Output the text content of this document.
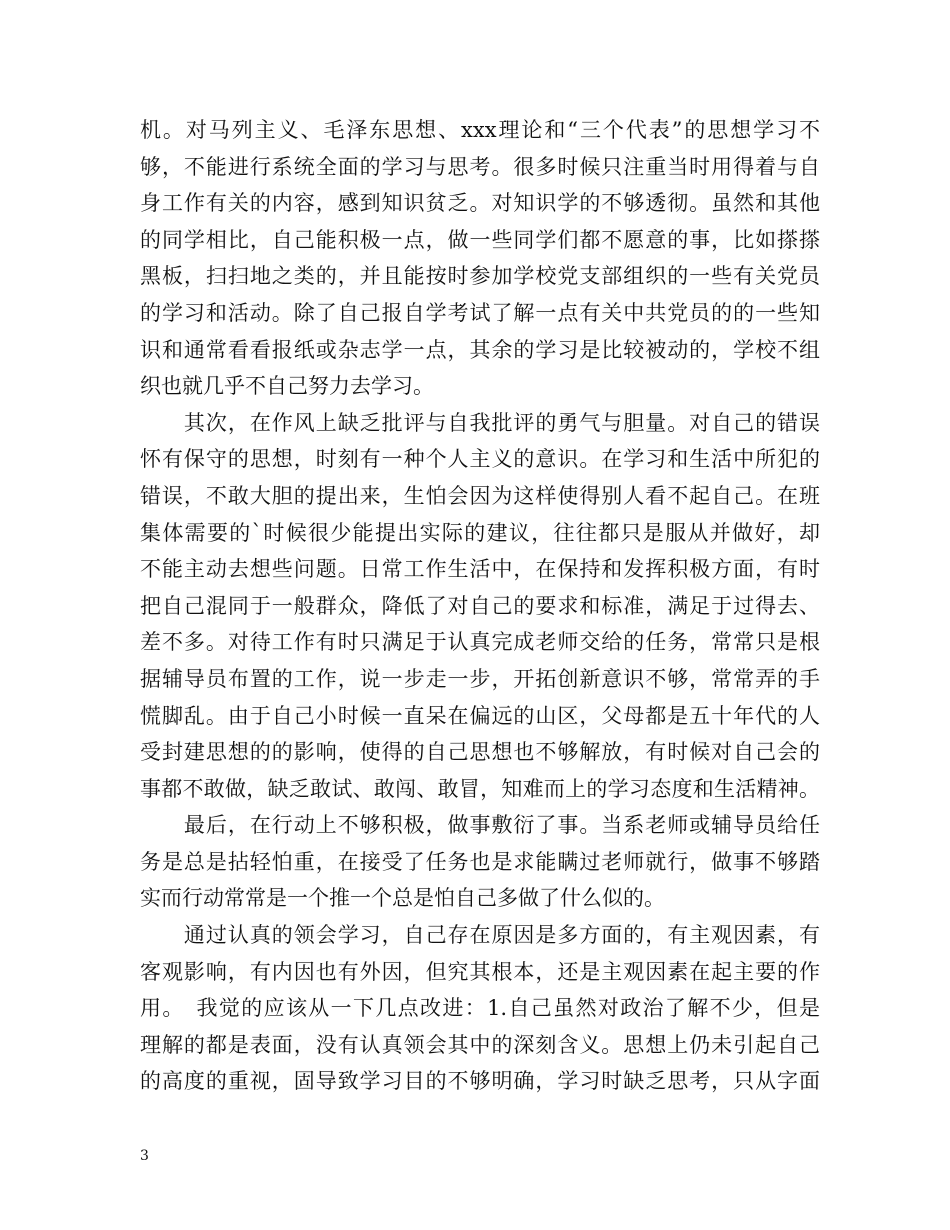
机。对马列主义、毛泽东思想、xxx理论和“三个代表”的思想学习不
够，不能进行系统全面的学习与思考。很多时候只注重当时用得着与自
身工作有关的内容，感到知识贫乏。对知识学的不够透彻。虽然和其他
的同学相比，自己能积极一点，做一些同学们都不愿意的事，比如搽搽
黑板，扫扫地之类的，并且能按时参加学校党支部组织的一些有关党员
的学习和活动。除了自己报自学考试了解一点有关中共党员的的一些知
识和通常看看报纸或杂志学一点，其余的学习是比较被动的，学校不组
织也就几乎不自己努力去学习。
　　其次，在作风上缺乏批评与自我批评的勇气与胆量。对自己的错误
怀有保守的思想，时刻有一种个人主义的意识。在学习和生活中所犯的
错误，不敢大胆的提出来，生怕会因为这样使得别人看不起自己。在班
集体需要的`时候很少能提出实际的建议，往往都只是服从并做好，却
不能主动去想些问题。日常工作生活中，在保持和发挥积极方面，有时
把自己混同于一般群众，降低了对自己的要求和标准，满足于过得去、
差不多。对待工作有时只满足于认真完成老师交给的任务，常常只是根
据辅导员布置的工作，说一步走一步，开拓创新意识不够，常常弄的手
慌脚乱。由于自己小时候一直呆在偏远的山区，父母都是五十年代的人
受封建思想的的影响，使得的自己思想也不够解放，有时候对自己会的
事都不敢做，缺乏敢试、敢闯、敢冒，知难而上的学习态度和生活精神。
　　最后，在行动上不够积极，做事敷衍了事。当系老师或辅导员给任
务是总是拈轻怕重，在接受了任务也是求能瞒过老师就行，做事不够踏
实而行动常常是一个推一个总是怕自己多做了什么似的。
　　通过认真的领会学习，自己存在原因是多方面的，有主观因素，有
客观影响，有内因也有外因，但究其根本，还是主观因素在起主要的作
用。　我觉的应该从一下几点改进：1.自己虽然对政治了解不少，但是
理解的都是表面，没有认真领会其中的深刻含义。思想上仍未引起自己
的高度的重视，固导致学习目的不够明确，学习时缺乏思考，只从字面
3
